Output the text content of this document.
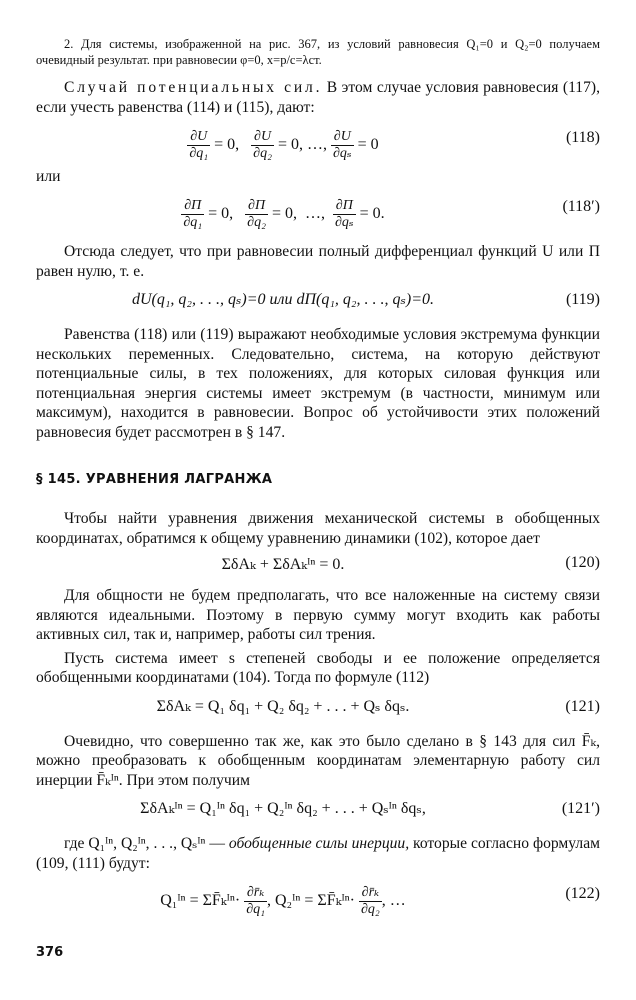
2. Для системы, изображенной на рис. 367, из условий равновесия Q₁=0 и Q₂=0 получаем очевидный результат. при равновесии φ=0, x=p/c=λст.

Случай потенциальных сил. В этом случае условия равновесия (117), если учесть равенства (114) и (115), дают:

$\frac{\partial U}{\text{∂q₁}} = 0$, $\frac{\partial U}{\text{∂q₂}} = 0$, …, $\frac{\partial U}{\text{∂qₛ}} = 0$	(118)

или

$\frac{\partial\Pi}{\text{∂q₁}} = 0$, $\frac{\partial\Pi}{\text{∂q₂}} = 0$,  …, $\frac{\partial\Pi}{\text{∂qₛ}} = 0$.	(118′)

Отсюда следует, что при равновесии полный дифференциал функций U или Π равен нулю, т. е.

dU(q₁, q₂, . . ., qₛ)=0 или dΠ(q₁, q₂, . . ., qₛ)=0.	(119)

Равенства (118) или (119) выражают необходимые условия экстремума функции нескольких переменных. Следовательно, система, на которую действуют потенциальные силы, в тех положениях, для которых силовая функция или потенциальная энергия системы имеет экстремум (в частности, минимум или максимум), находится в равновесии. Вопрос об устойчивости этих положений равновесия будет рассмотрен в § 147.

§ 145. УРАВНЕНИЯ ЛАГРАНЖА

Чтобы найти уравнения движения механической системы в обобщенных координатах, обратимся к общему уравнению динамики (102), которое дает

ΣδAₖ + ΣδAₖᴵⁿ = 0.	(120)

Для общности не будем предполагать, что все наложенные на систему связи являются идеальными. Поэтому в первую сумму могут входить как работы активных сил, так и, например, работы сил трения.

Пусть система имеет s степеней свободы и ее положение определяется обобщенными координатами (104). Тогда по формуле (112)

ΣδAₖ = Q₁ δq₁ + Q₂ δq₂ + . . . + Qₛ δqₛ.	(121)

Очевидно, что совершенно так же, как это было сделано в § 143 для сил F̄ₖ, можно преобразовать к обобщенным координатам элементарную работу сил инерции F̄ₖᴵⁿ. При этом получим

ΣδAₖᴵⁿ = Q₁ᴵⁿ δq₁ + Q₂ᴵⁿ δq₂ + . . . + Qₛᴵⁿ δqₛ,	(121′)

где Q₁ᴵⁿ, Q₂ᴵⁿ, . . ., Qₛᴵⁿ — обобщенные силы инерции, которые согласно формулам (109, (111) будут:

Q₁ᴵⁿ = ΣF̄ₖᴵⁿ· $\frac{\text{∂r̄ₖ}}{\text{∂q₁}}$ , Q₂ᴵⁿ = ΣF̄ₖᴵⁿ· $\frac{\text{∂r̄ₖ}}{\text{∂q₂}}$ , …	(122)
376
